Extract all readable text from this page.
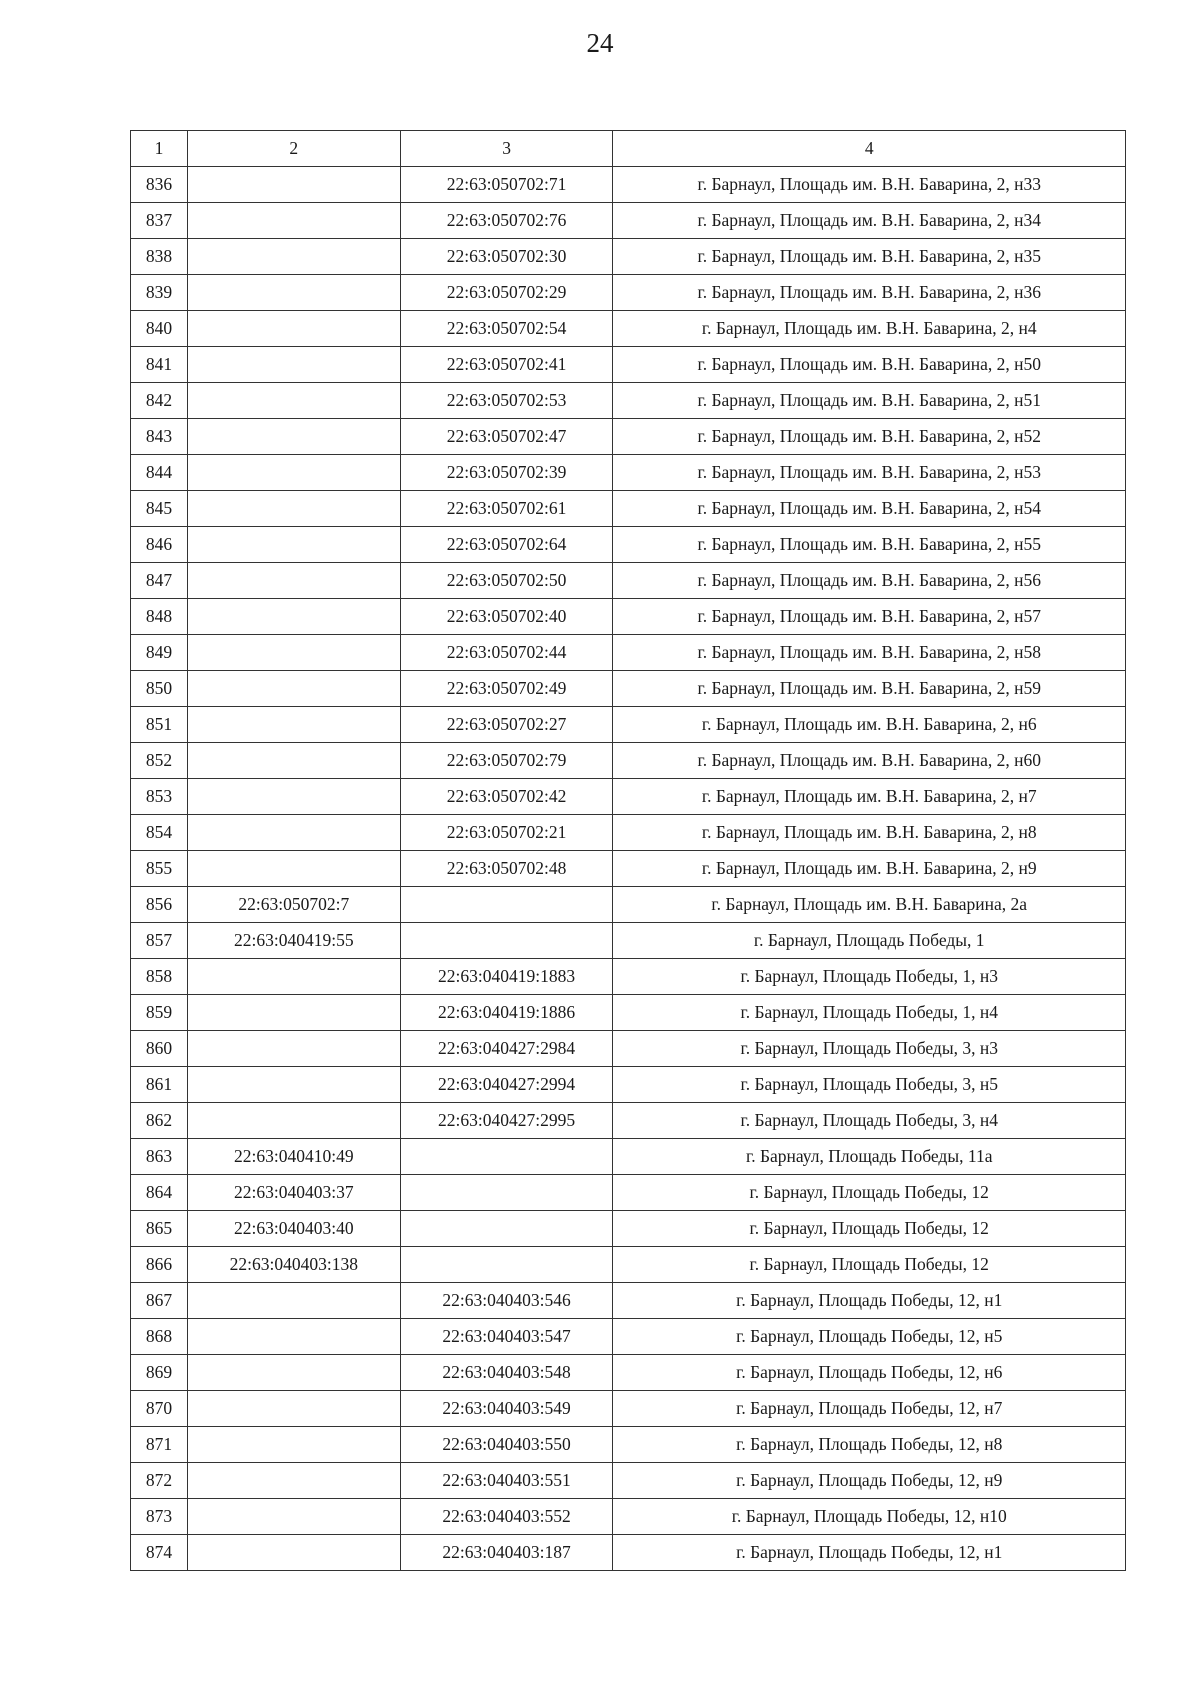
24
1	2	3	4
836		22:63:050702:71	г. Барнаул, Площадь им. В.Н. Баварина, 2, н33
837		22:63:050702:76	г. Барнаул, Площадь им. В.Н. Баварина, 2, н34
838		22:63:050702:30	г. Барнаул, Площадь им. В.Н. Баварина, 2, н35
839		22:63:050702:29	г. Барнаул, Площадь им. В.Н. Баварина, 2, н36
840		22:63:050702:54	г. Барнаул, Площадь им. В.Н. Баварина, 2, н4
841		22:63:050702:41	г. Барнаул, Площадь им. В.Н. Баварина, 2, н50
842		22:63:050702:53	г. Барнаул, Площадь им. В.Н. Баварина, 2, н51
843		22:63:050702:47	г. Барнаул, Площадь им. В.Н. Баварина, 2, н52
844		22:63:050702:39	г. Барнаул, Площадь им. В.Н. Баварина, 2, н53
845		22:63:050702:61	г. Барнаул, Площадь им. В.Н. Баварина, 2, н54
846		22:63:050702:64	г. Барнаул, Площадь им. В.Н. Баварина, 2, н55
847		22:63:050702:50	г. Барнаул, Площадь им. В.Н. Баварина, 2, н56
848		22:63:050702:40	г. Барнаул, Площадь им. В.Н. Баварина, 2, н57
849		22:63:050702:44	г. Барнаул, Площадь им. В.Н. Баварина, 2, н58
850		22:63:050702:49	г. Барнаул, Площадь им. В.Н. Баварина, 2, н59
851		22:63:050702:27	г. Барнаул, Площадь им. В.Н. Баварина, 2, н6
852		22:63:050702:79	г. Барнаул, Площадь им. В.Н. Баварина, 2, н60
853		22:63:050702:42	г. Барнаул, Площадь им. В.Н. Баварина, 2, н7
854		22:63:050702:21	г. Барнаул, Площадь им. В.Н. Баварина, 2, н8
855		22:63:050702:48	г. Барнаул, Площадь им. В.Н. Баварина, 2, н9
856	22:63:050702:7		г. Барнаул, Площадь им. В.Н. Баварина, 2а
857	22:63:040419:55		г. Барнаул, Площадь Победы, 1
858		22:63:040419:1883	г. Барнаул, Площадь Победы, 1, н3
859		22:63:040419:1886	г. Барнаул, Площадь Победы, 1, н4
860		22:63:040427:2984	г. Барнаул, Площадь Победы, 3, н3
861		22:63:040427:2994	г. Барнаул, Площадь Победы, 3, н5
862		22:63:040427:2995	г. Барнаул, Площадь Победы, 3, н4
863	22:63:040410:49		г. Барнаул, Площадь Победы, 11а
864	22:63:040403:37		г. Барнаул, Площадь Победы, 12
865	22:63:040403:40		г. Барнаул, Площадь Победы, 12
866	22:63:040403:138		г. Барнаул, Площадь Победы, 12
867		22:63:040403:546	г. Барнаул, Площадь Победы, 12, н1
868		22:63:040403:547	г. Барнаул, Площадь Победы, 12, н5
869		22:63:040403:548	г. Барнаул, Площадь Победы, 12, н6
870		22:63:040403:549	г. Барнаул, Площадь Победы, 12, н7
871		22:63:040403:550	г. Барнаул, Площадь Победы, 12, н8
872		22:63:040403:551	г. Барнаул, Площадь Победы, 12, н9
873		22:63:040403:552	г. Барнаул, Площадь Победы, 12, н10
874		22:63:040403:187	г. Барнаул, Площадь Победы, 12, н1
